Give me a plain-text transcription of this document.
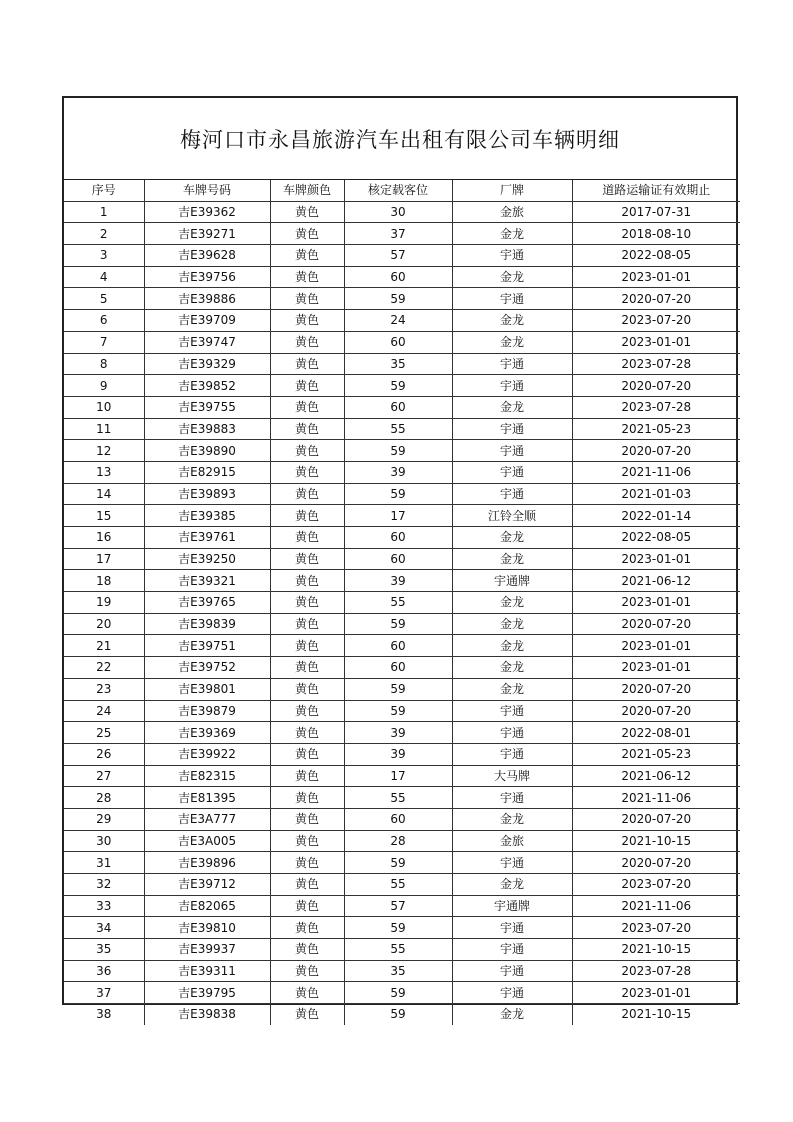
梅河口市永昌旅游汽车出租有限公司车辆明细
序号	车牌号码	车牌颜色	核定载客位	厂牌	道路运输证有效期止
1	吉E39362	黄色	30	金旅	2017-07-31
2	吉E39271	黄色	37	金龙	2018-08-10
3	吉E39628	黄色	57	宇通	2022-08-05
4	吉E39756	黄色	60	金龙	2023-01-01
5	吉E39886	黄色	59	宇通	2020-07-20
6	吉E39709	黄色	24	金龙	2023-07-20
7	吉E39747	黄色	60	金龙	2023-01-01
8	吉E39329	黄色	35	宇通	2023-07-28
9	吉E39852	黄色	59	宇通	2020-07-20
10	吉E39755	黄色	60	金龙	2023-07-28
11	吉E39883	黄色	55	宇通	2021-05-23
12	吉E39890	黄色	59	宇通	2020-07-20
13	吉E82915	黄色	39	宇通	2021-11-06
14	吉E39893	黄色	59	宇通	2021-01-03
15	吉E39385	黄色	17	江铃全顺	2022-01-14
16	吉E39761	黄色	60	金龙	2022-08-05
17	吉E39250	黄色	60	金龙	2023-01-01
18	吉E39321	黄色	39	宇通牌	2021-06-12
19	吉E39765	黄色	55	金龙	2023-01-01
20	吉E39839	黄色	59	金龙	2020-07-20
21	吉E39751	黄色	60	金龙	2023-01-01
22	吉E39752	黄色	60	金龙	2023-01-01
23	吉E39801	黄色	59	金龙	2020-07-20
24	吉E39879	黄色	59	宇通	2020-07-20
25	吉E39369	黄色	39	宇通	2022-08-01
26	吉E39922	黄色	39	宇通	2021-05-23
27	吉E82315	黄色	17	大马牌	2021-06-12
28	吉E81395	黄色	55	宇通	2021-11-06
29	吉E3A777	黄色	60	金龙	2020-07-20
30	吉E3A005	黄色	28	金旅	2021-10-15
31	吉E39896	黄色	59	宇通	2020-07-20
32	吉E39712	黄色	55	金龙	2023-07-20
33	吉E82065	黄色	57	宇通牌	2021-11-06
34	吉E39810	黄色	59	宇通	2023-07-20
35	吉E39937	黄色	55	宇通	2021-10-15
36	吉E39311	黄色	35	宇通	2023-07-28
37	吉E39795	黄色	59	宇通	2023-01-01
38	吉E39838	黄色	59	金龙	2021-10-15
